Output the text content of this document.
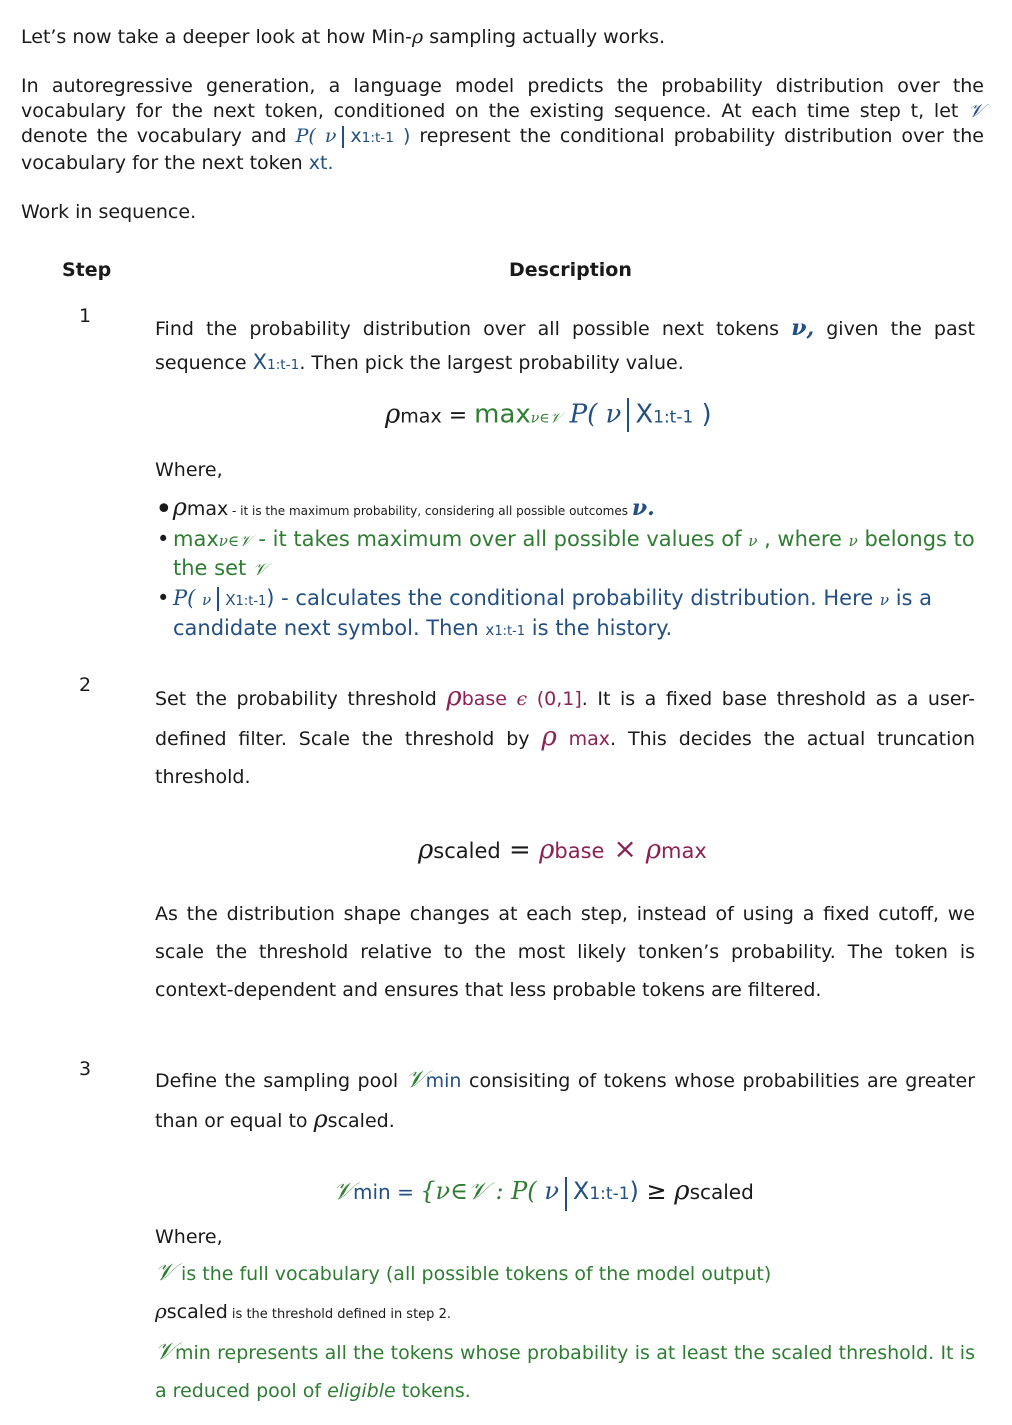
Let’s now take a deeper look at how Min-ρ sampling actually works.
In autoregressive generation, a language model predicts the probability distribution over the vocabulary for the next token, conditioned on the existing sequence. At each time step t, let 𝒱 denote the vocabulary and P( ν x1:t-1 ) represent the conditional probability distribution over the vocabulary for the next token xt.
Work in sequence.
Step	Description
1
Find the probability distribution over all possible next tokens ν, given the past sequence X1:t-1. Then pick the largest probability value.
ρmax = maxν∈𝒱 P( ν X1:t-1 )
Where,
•ρmax - it is the maximum probability, considering all possible outcomes ν.
• maxν∈𝒱 - it takes maximum over all possible values of ν , where ν belongs to the set 𝒱
• P( ν X1:t-1) - calculates the conditional probability distribution. Here ν is a candidate next symbol. Then x1:t-1 is the history.
2
Set the probability threshold ρbase ϵ (0,1]. It is a fixed base threshold as a user-defined filter. Scale the threshold by ρ max. This decides the actual truncation threshold.
ρscaled = ρbase × ρmax
As the distribution shape changes at each step, instead of using a fixed cutoff, we scale the threshold relative to the most likely tonken’s probability. The token is context-dependent and ensures that less probable tokens are filtered.
3
Define the sampling pool 𝒱min consisiting of tokens whose probabilities are greater than or equal to ρscaled.
𝒱min = {ν∈𝒱 : P( ν X1:t-1) ≥ ρscaled
Where,
𝒱 is the full vocabulary (all possible tokens of the model output)
ρscaled is the threshold defined in step 2.
𝒱min represents all the tokens whose probability is at least the scaled threshold. It is a reduced pool of eligible tokens.
